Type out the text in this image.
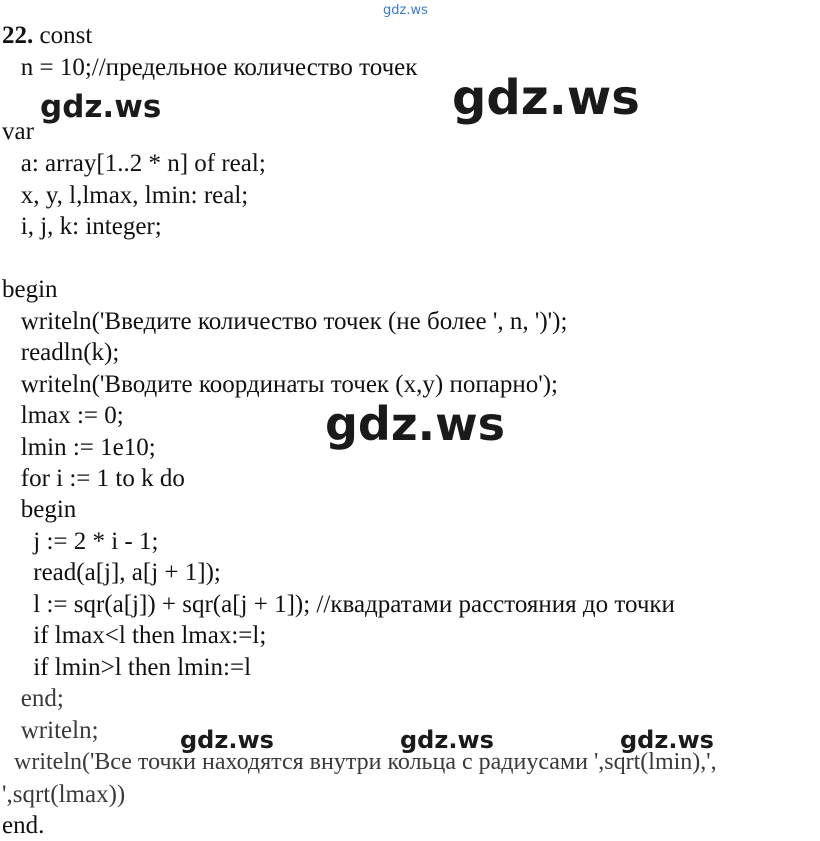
gdz.ws
22. const
n = 10;//предельное количество точек
var
a: array[1..2 * n] of real;
x, y, l,lmax, lmin: real;
i, j, k: integer;
begin
writeln('Введите количество точек (не более ', n, ')');
readln(k);
writeln('Вводите координаты точек (x,y) попарно');
lmax := 0;
lmin := 1e10;
for i := 1 to k do
begin
j := 2 * i - 1;
read(a[j], a[j + 1]);
l := sqr(a[j]) + sqr(a[j + 1]); //квадратами расстояния до точки
if lmax<l then lmax:=l;
if lmin>l then lmin:=l
end;
writeln;
writeln('Все точки находятся внутри кольца с радиусами ',sqrt(lmin),',
',sqrt(lmax))
end.
gdz.ws	gdz.ws
gdz.ws
gdz.ws	gdz.ws	gdz.ws
